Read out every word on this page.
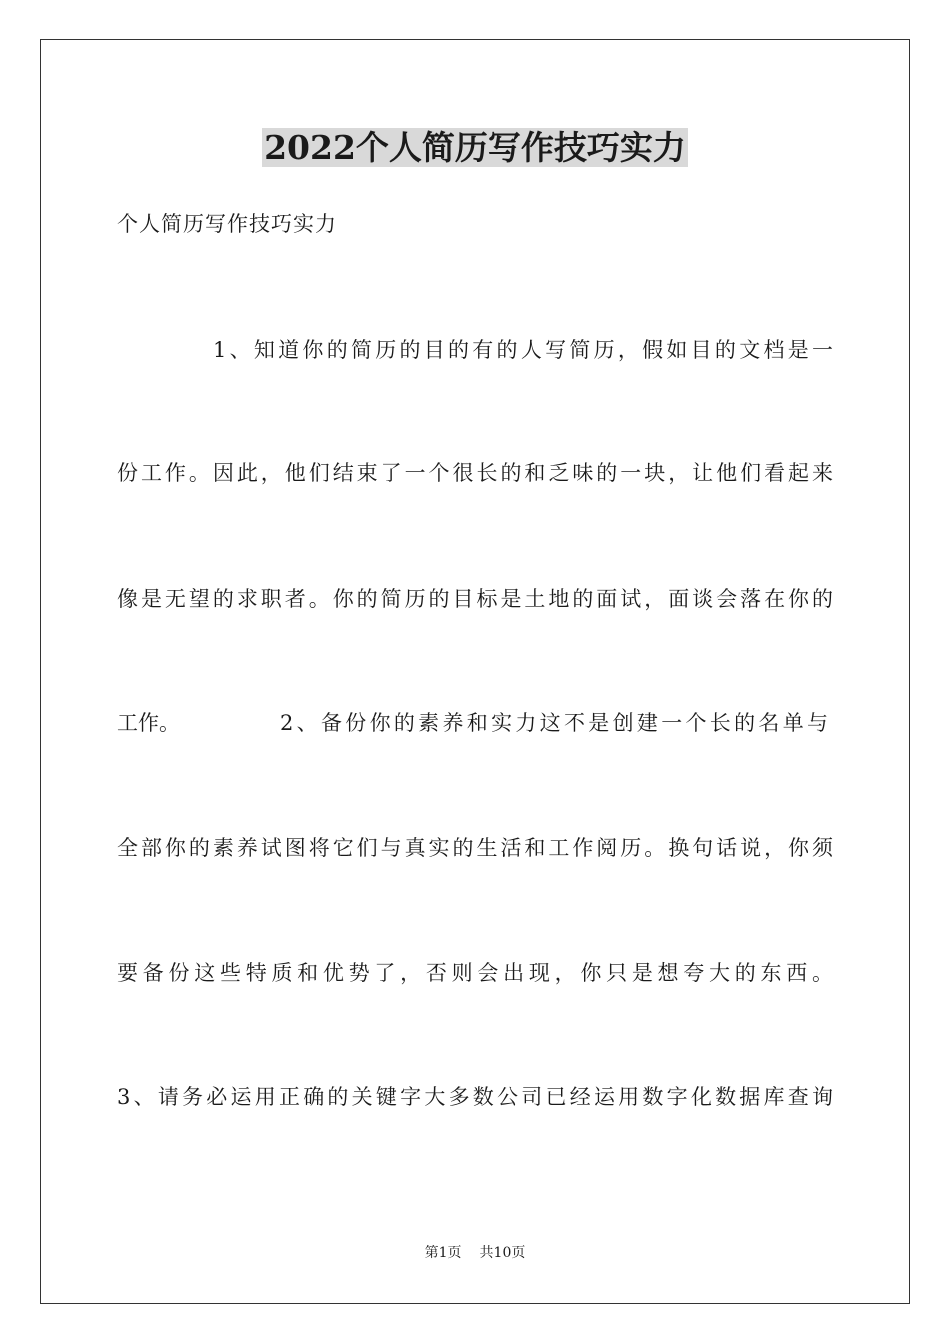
2022个人简历写作技巧实力
个人简历写作技巧实力
1、知道你的简历的目的有的人写简历，假如目的文档是一
份工作。因此，他们结束了一个很长的和乏味的一块，让他们看起来
像是无望的求职者。你的简历的目标是土地的面试，面谈会落在你的
工作。	2、备份你的素养和实力这不是创建一个长的名单与
全部你的素养试图将它们与真实的生活和工作阅历。换句话说，你须
要备份这些特质和优势了，否则会出现，你只是想夸大的东西。
3、请务必运用正确的关键字大多数公司已经运用数字化数据库查询
第1页 共10页
